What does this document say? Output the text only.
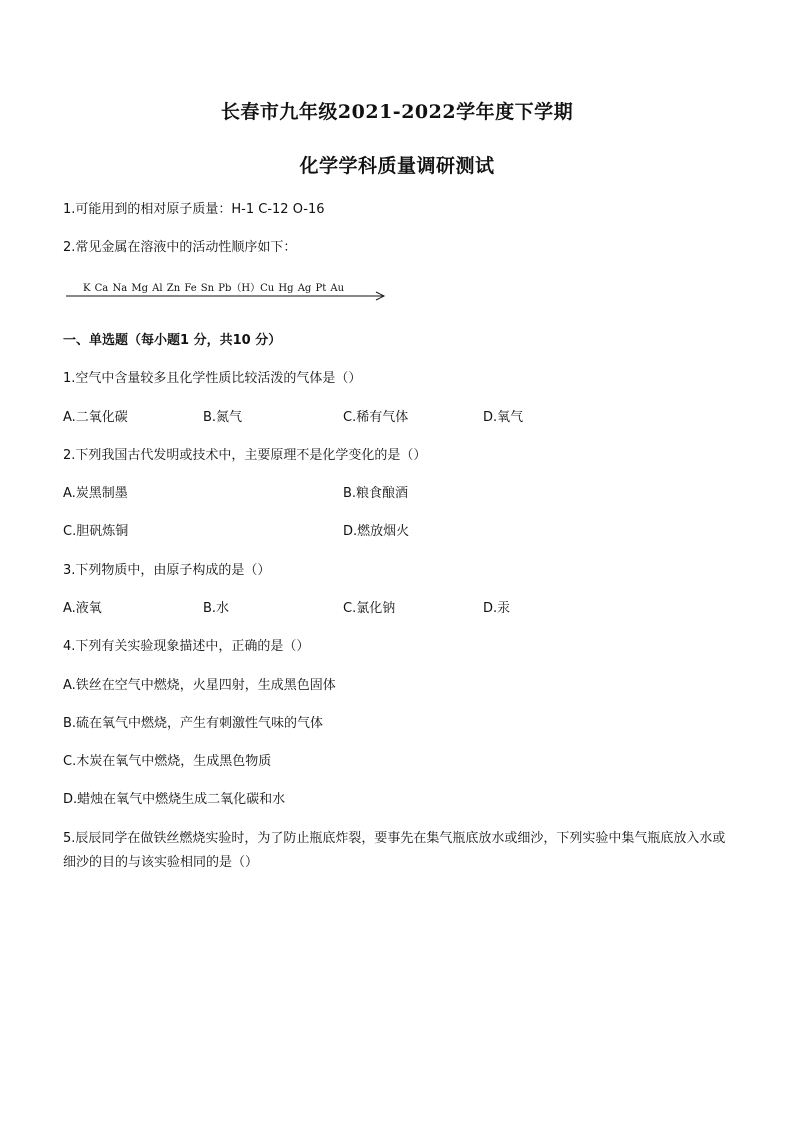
长春市九年级2021-2022学年度下学期
化学学科质量调研测试
1.可能用到的相对原子质量：H-1 C-12 O-16
2.常见金属在溶液中的活动性顺序如下：
K Ca Na Mg Al Zn Fe Sn Pb（H）Cu Hg Ag Pt Au
一、单选题（每小题1 分，共10 分）
1.空气中含量较多且化学性质比较活泼的气体是（）
A.二氧化碳	B.氮气	C.稀有气体	D.氧气
2.下列我国古代发明或技术中，主要原理不是化学变化的是（）
A.炭黑制墨	B.粮食酿酒
C.胆矾炼铜	D.燃放烟火
3.下列物质中，由原子构成的是（）
A.液氧	B.水	C.氯化钠	D.汞
4.下列有关实验现象描述中，正确的是（）
A.铁丝在空气中燃烧，火星四射，生成黑色固体
B.硫在氧气中燃烧，产生有刺激性气味的气体
C.木炭在氧气中燃烧，生成黑色物质
D.蜡烛在氧气中燃烧生成二氧化碳和水
5.辰辰同学在做铁丝燃烧实验时，为了防止瓶底炸裂，要事先在集气瓶底放水或细沙，下列实验中集气瓶底放入水或细沙的目的与该实验相同的是（）
